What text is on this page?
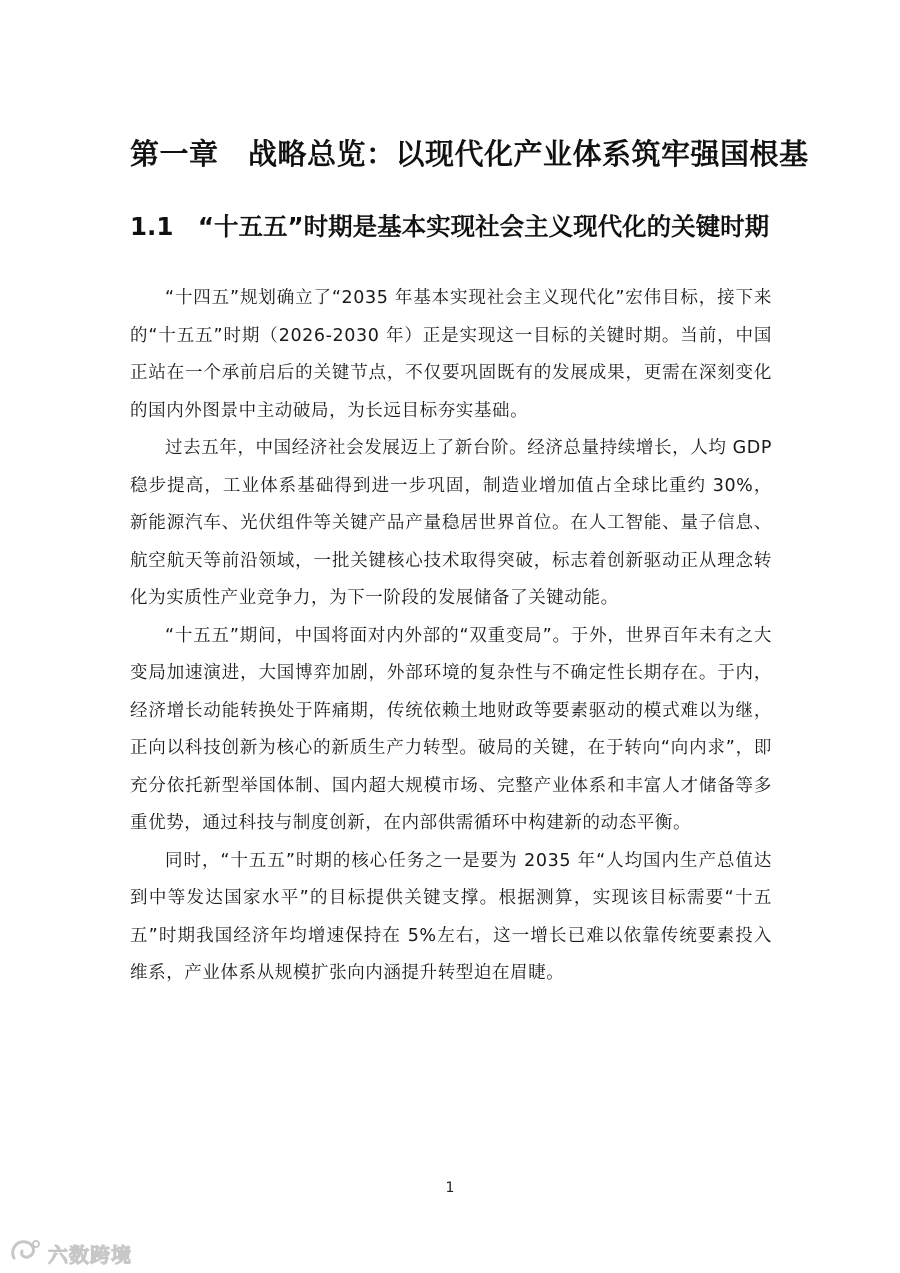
第一章　战略总览：以现代化产业体系筑牢强国根基
1.1　“十五五”时期是基本实现社会主义现代化的关键时期

“十四五”规划确立了“2035 年基本实现社会主义现代化”宏伟目标，接下来的“十五五”时期（2026-2030 年）正是实现这一目标的关键时期。当前，中国正站在一个承前启后的关键节点，不仅要巩固既有的发展成果，更需在深刻变化的国内外图景中主动破局，为长远目标夯实基础。

过去五年，中国经济社会发展迈上了新台阶。经济总量持续增长，人均 GDP 稳步提高，工业体系基础得到进一步巩固，制造业增加值占全球比重约 30%，新能源汽车、光伏组件等关键产品产量稳居世界首位。在人工智能、量子信息、航空航天等前沿领域，一批关键核心技术取得突破，标志着创新驱动正从理念转化为实质性产业竞争力，为下一阶段的发展储备了关键动能。

“十五五”期间，中国将面对内外部的“双重变局”。于外，世界百年未有之大变局加速演进，大国博弈加剧，外部环境的复杂性与不确定性长期存在。于内，经济增长动能转换处于阵痛期，传统依赖土地财政等要素驱动的模式难以为继，正向以科技创新为核心的新质生产力转型。破局的关键，在于转向“向内求”，即充分依托新型举国体制、国内超大规模市场、完整产业体系和丰富人才储备等多重优势，通过科技与制度创新，在内部供需循环中构建新的动态平衡。

同时，“十五五”时期的核心任务之一是要为 2035 年“人均国内生产总值达到中等发达国家水平”的目标提供关键支撑。根据测算，实现该目标需要“十五五”时期我国经济年均增速保持在 5%左右，这一增长已难以依靠传统要素投入维系，产业体系从规模扩张向内涵提升转型迫在眉睫。

1
六数跨境
